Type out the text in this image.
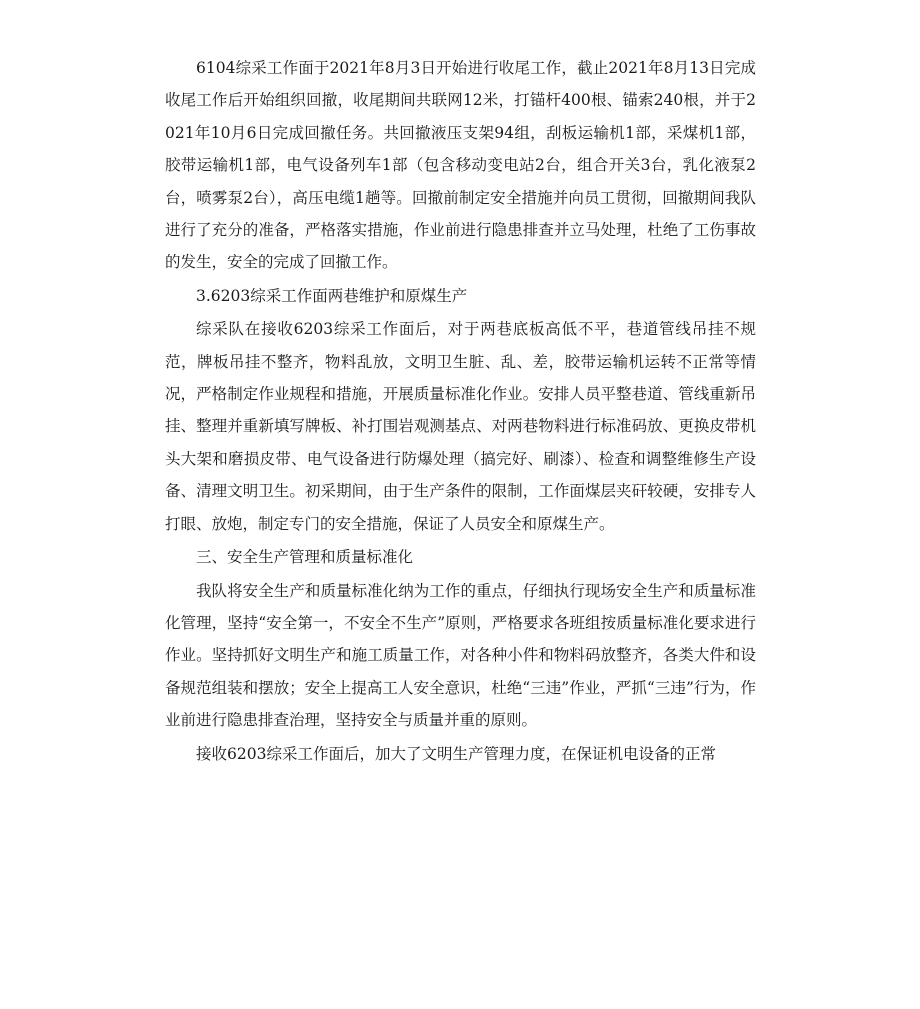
6104综采工作面于2021年8月3日开始进行收尾工作，截止2021年8月13日完成收尾工作后开始组织回撤，收尾期间共联网12米，打锚杆400根、锚索240根，并于2021年10月6日完成回撤任务。共回撤液压支架94组，刮板运输机1部，采煤机1部，胶带运输机1部，电气设备列车1部（包含移动变电站2台，组合开关3台，乳化液泵2台，喷雾泵2台），高压电缆1趟等。回撤前制定安全措施并向员工贯彻，回撤期间我队进行了充分的准备，严格落实措施，作业前进行隐患排查并立马处理，杜绝了工伤事故的发生，安全的完成了回撤工作。

3.6203综采工作面两巷维护和原煤生产

综采队在接收6203综采工作面后，对于两巷底板高低不平，巷道管线吊挂不规范，牌板吊挂不整齐，物料乱放，文明卫生脏、乱、差，胶带运输机运转不正常等情况，严格制定作业规程和措施，开展质量标准化作业。安排人员平整巷道、管线重新吊挂、整理并重新填写牌板、补打围岩观测基点、对两巷物料进行标准码放、更换皮带机头大架和磨损皮带、电气设备进行防爆处理（搞完好、刷漆）、检查和调整维修生产设备、清理文明卫生。初采期间，由于生产条件的限制，工作面煤层夹矸较硬，安排专人打眼、放炮，制定专门的安全措施，保证了人员安全和原煤生产。

三、安全生产管理和质量标准化

我队将安全生产和质量标准化纳为工作的重点，仔细执行现场安全生产和质量标准化管理，坚持“安全第一，不安全不生产”原则，严格要求各班组按质量标准化要求进行作业。坚持抓好文明生产和施工质量工作，对各种小件和物料码放整齐，各类大件和设备规范组装和摆放；安全上提高工人安全意识，杜绝“三违”作业，严抓“三违”行为，作业前进行隐患排查治理，坚持安全与质量并重的原则。

接收6203综采工作面后，加大了文明生产管理力度，在保证机电设备的正常
